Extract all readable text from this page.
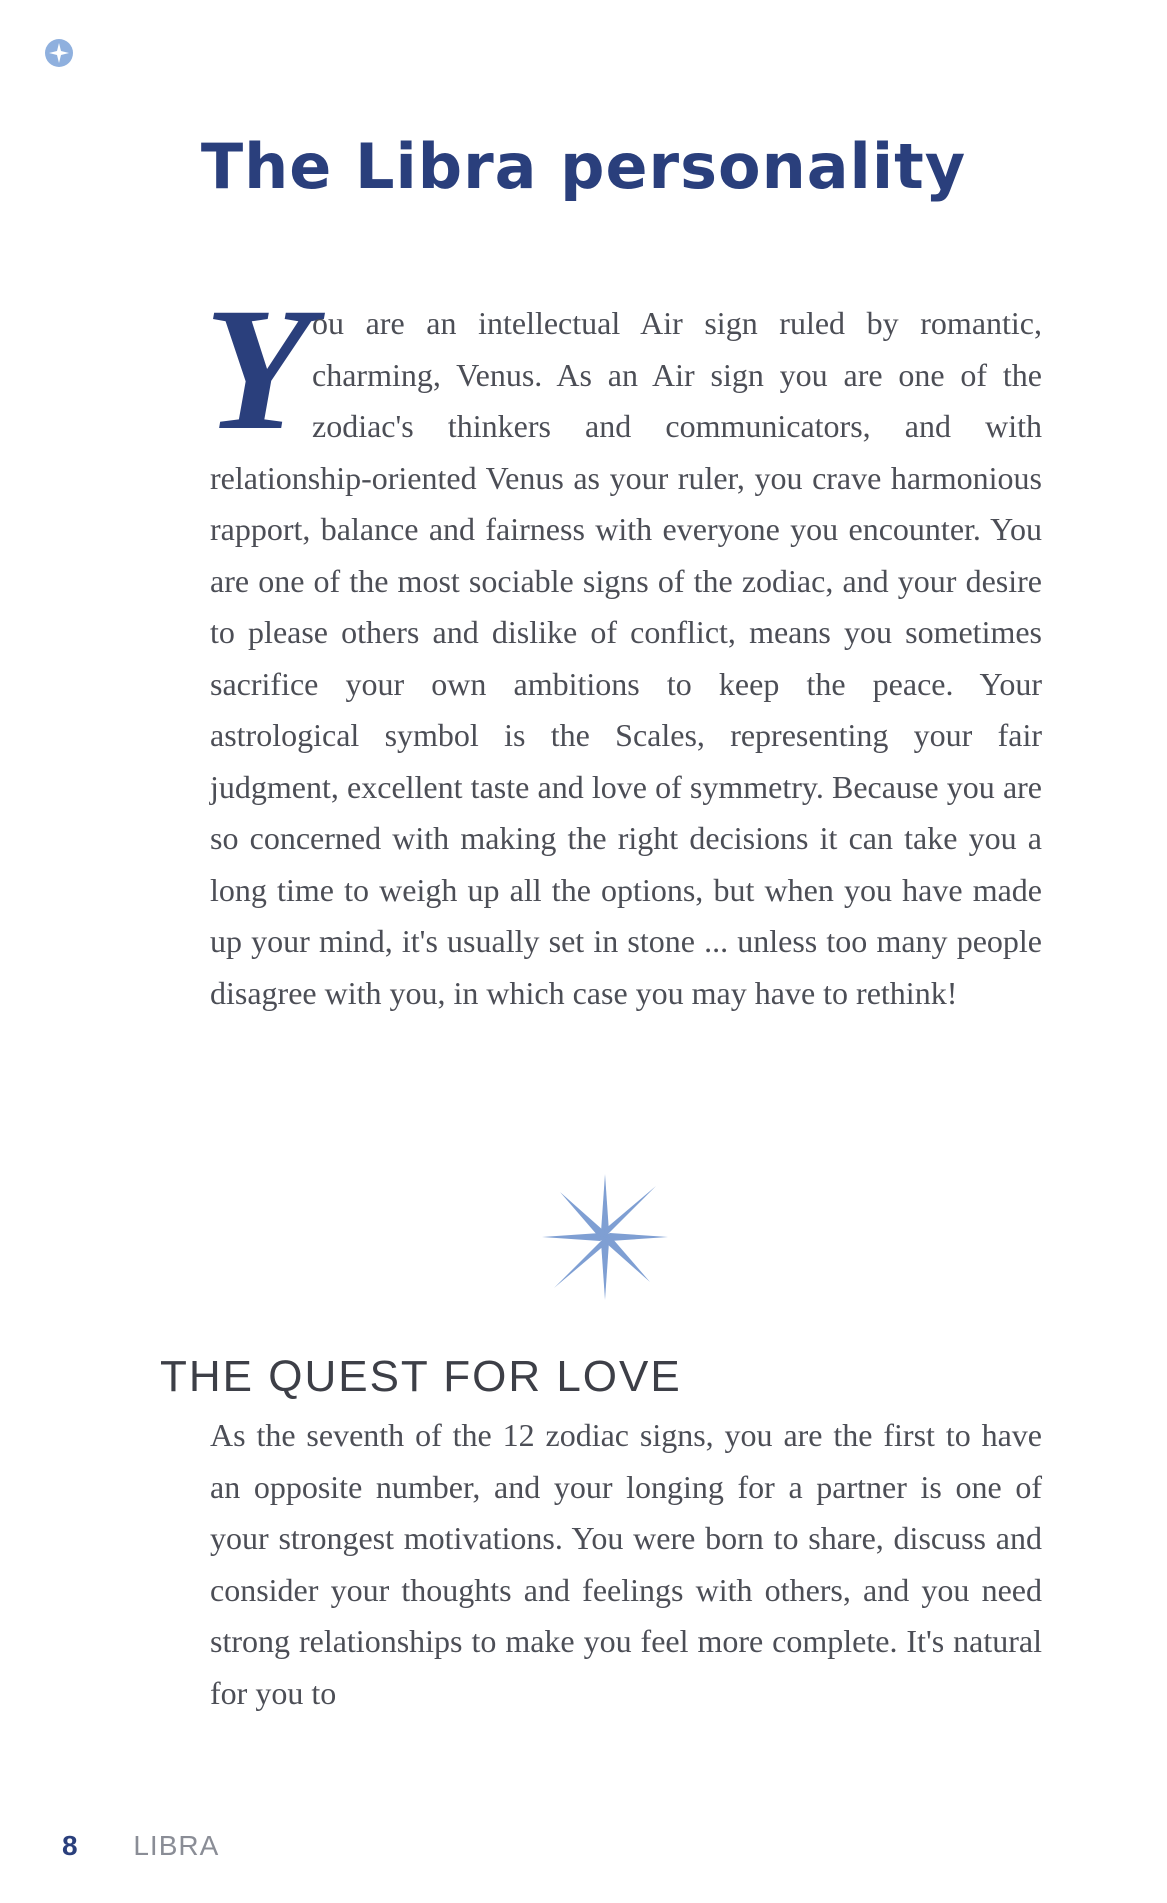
The Libra personality

You are an intellectual Air sign ruled by romantic, charming, Venus. As an Air sign you are one of the zodiac's thinkers and communicators, and with relationship-oriented Venus as your ruler, you crave harmonious rapport, balance and fairness with everyone you encounter. You are one of the most sociable signs of the zodiac, and your desire to please others and dislike of conflict, means you sometimes sacrifice your own ambitions to keep the peace. Your astrological symbol is the Scales, representing your fair judgment, excellent taste and love of symmetry. Because you are so concerned with making the right decisions it can take you a long time to weigh up all the options, but when you have made up your mind, it's usually set in stone ... unless too many people disagree with you, in which case you may have to rethink!

THE QUEST FOR LOVE

As the seventh of the 12 zodiac signs, you are the first to have an opposite number, and your longing for a partner is one of your strongest motivations. You were born to share, discuss and consider your thoughts and feelings with others, and you need strong relationships to make you feel more complete. It's natural for you to

8 LIBRA
